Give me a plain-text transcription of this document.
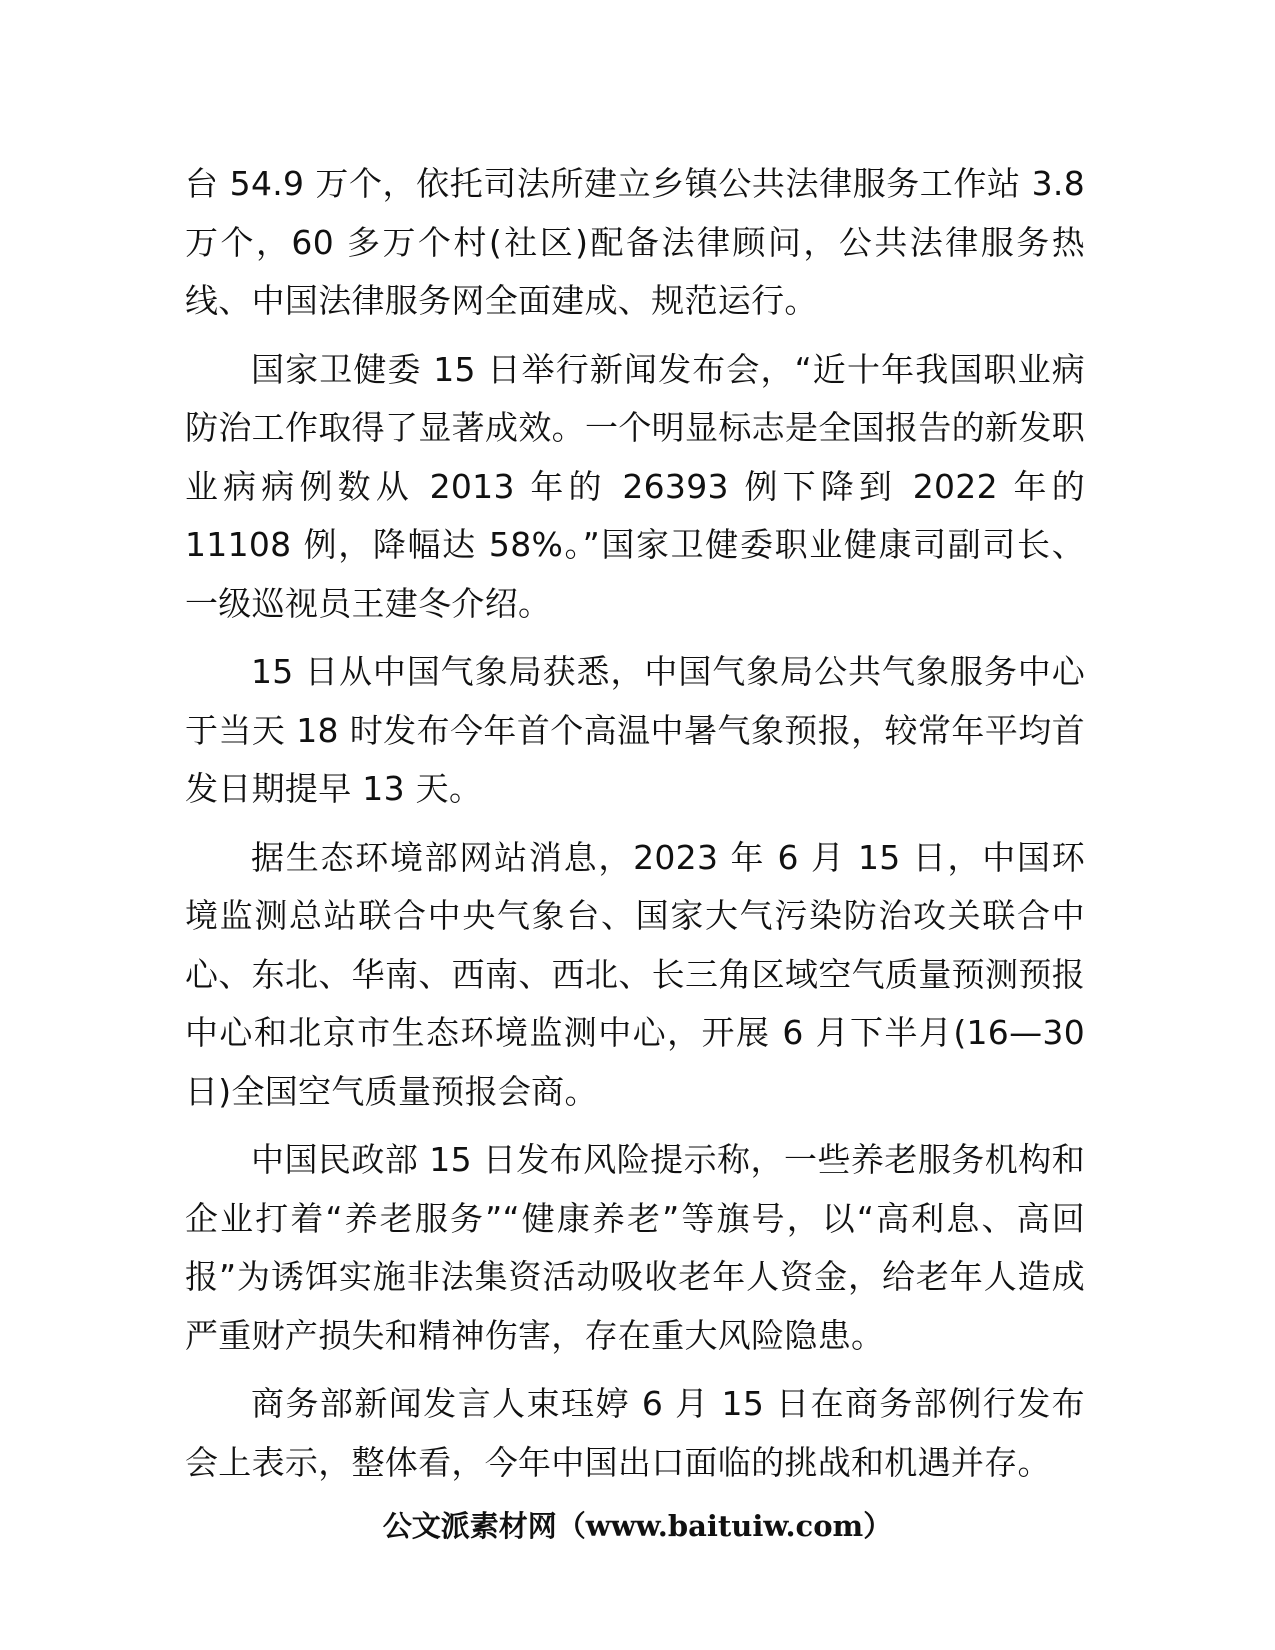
台 54.9 万个，依托司法所建立乡镇公共法律服务工作站 3.8 万个，60 多万个村(社区)配备法律顾问，公共法律服务热线、中国法律服务网全面建成、规范运行。

国家卫健委 15 日举行新闻发布会，“近十年我国职业病防治工作取得了显著成效。一个明显标志是全国报告的新发职业病病例数从 2013 年的 26393 例下降到 2022 年的 11108 例，降幅达 58%。”国家卫健委职业健康司副司长、一级巡视员王建冬介绍。

15 日从中国气象局获悉，中国气象局公共气象服务中心于当天 18 时发布今年首个高温中暑气象预报，较常年平均首发日期提早 13 天。

据生态环境部网站消息，2023 年 6 月 15 日，中国环境监测总站联合中央气象台、国家大气污染防治攻关联合中心、东北、华南、西南、西北、长三角区域空气质量预测预报中心和北京市生态环境监测中心，开展 6 月下半月(16—30 日)全国空气质量预报会商。

中国民政部 15 日发布风险提示称，一些养老服务机构和企业打着“养老服务”“健康养老”等旗号，以“高利息、高回报”为诱饵实施非法集资活动吸收老年人资金，给老年人造成严重财产损失和精神伤害，存在重大风险隐患。

商务部新闻发言人束珏婷 6 月 15 日在商务部例行发布会上表示，整体看，今年中国出口面临的挑战和机遇并存。

公文派素材网（www.baituiw.com）
